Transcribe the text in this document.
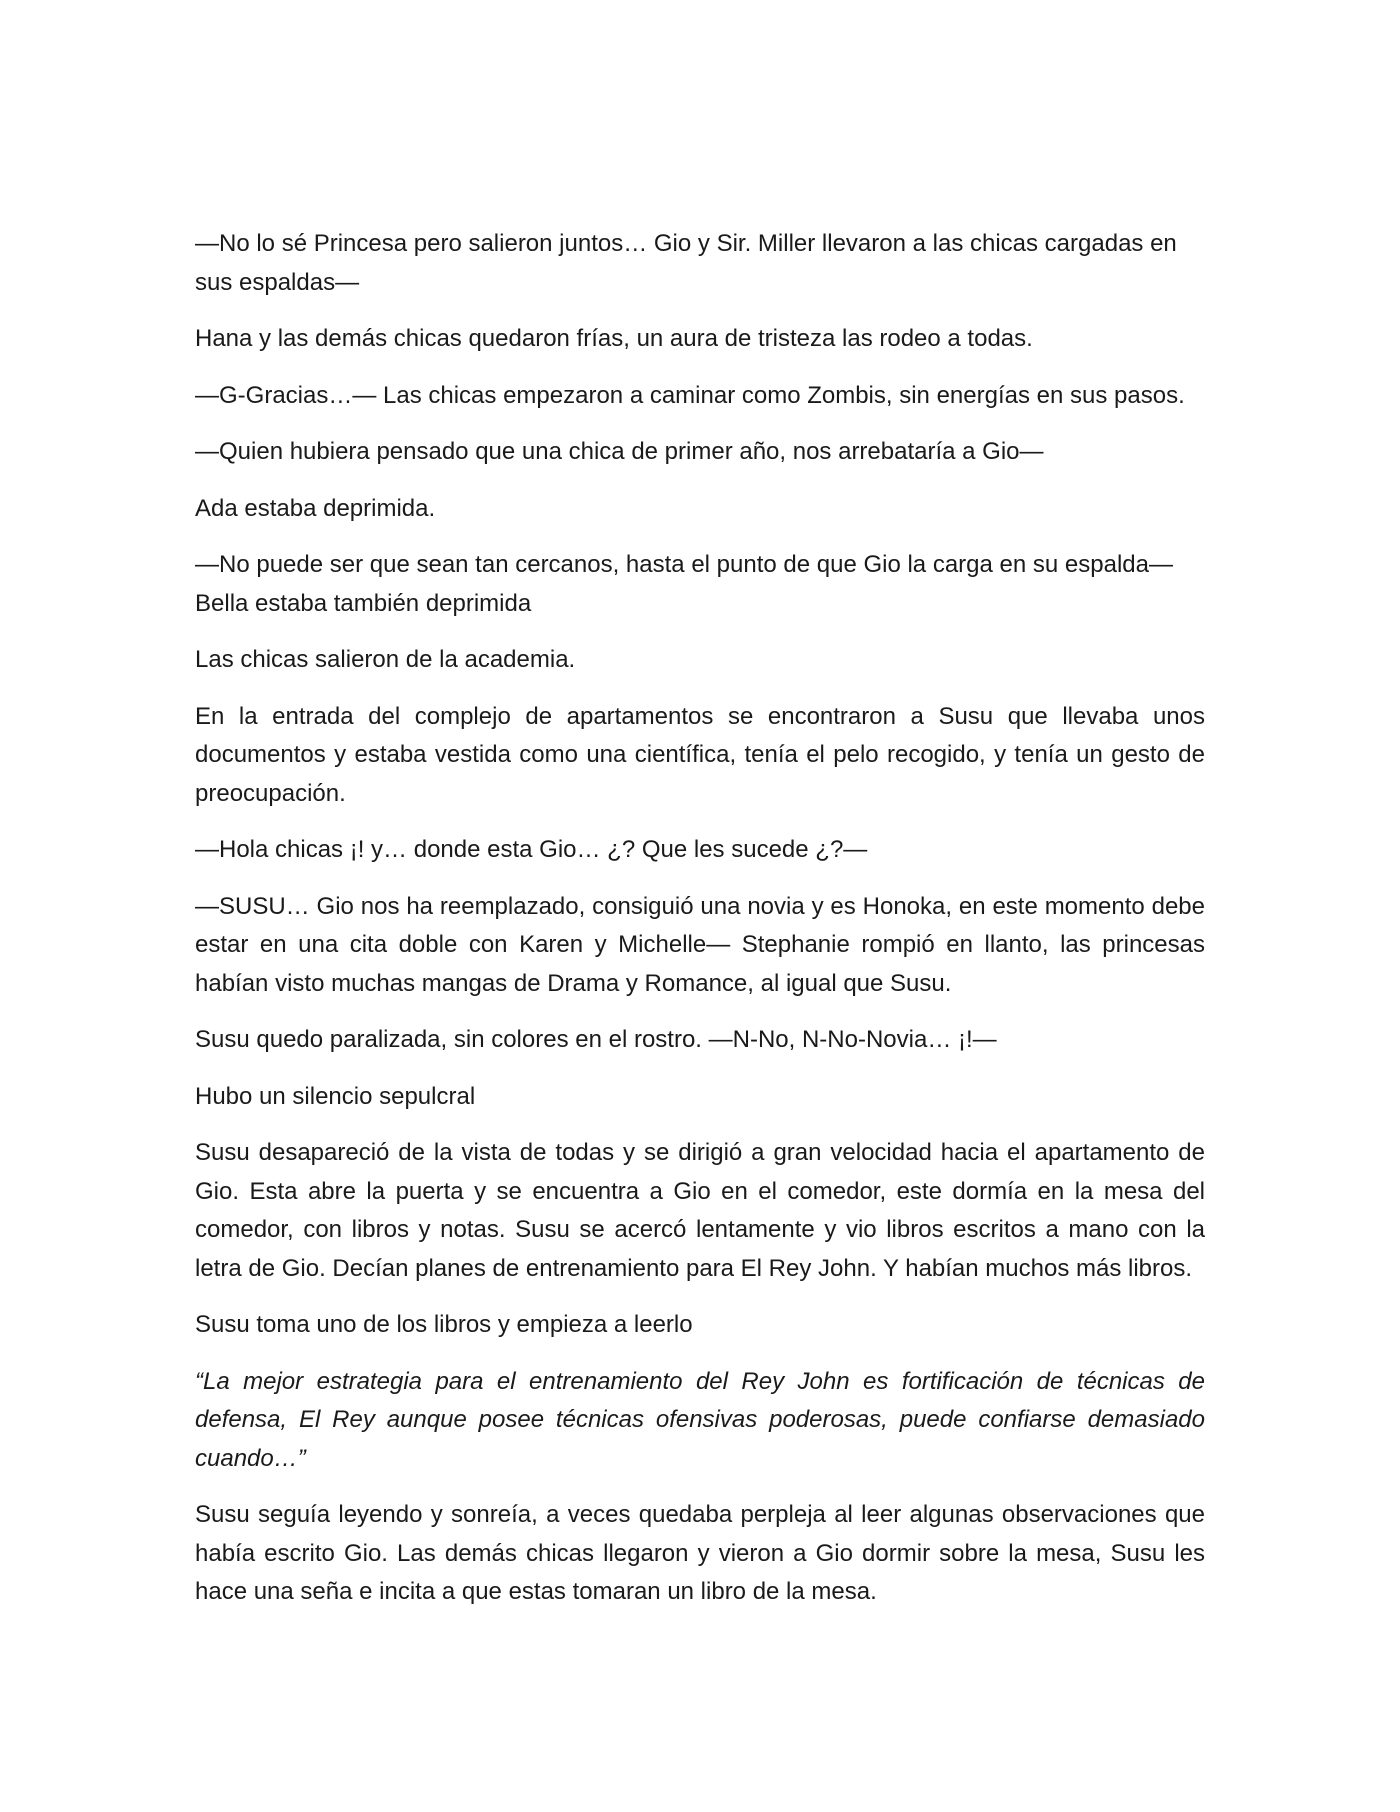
—No lo sé Princesa pero salieron juntos… Gio y Sir. Miller llevaron a las chicas cargadas en
sus espaldas—

Hana y las demás chicas quedaron frías, un aura de tristeza las rodeo a todas.

—G-Gracias…— Las chicas empezaron a caminar como Zombis, sin energías en sus pasos.

—Quien hubiera pensado que una chica de primer año, nos arrebataría a Gio—

Ada estaba deprimida.

—No puede ser que sean tan cercanos, hasta el punto de que Gio la carga en su espalda—
Bella estaba también deprimida

Las chicas salieron de la academia.

En la entrada del complejo de apartamentos se encontraron a Susu que llevaba unos documentos y estaba vestida como una científica, tenía el pelo recogido, y tenía un gesto de preocupación.

—Hola chicas ¡! y… donde esta Gio… ¿? Que les sucede ¿?—

—SUSU… Gio nos ha reemplazado, consiguió una novia y es Honoka, en este momento debe estar en una cita doble con Karen y Michelle— Stephanie rompió en llanto, las princesas habían visto muchas mangas de Drama y Romance, al igual que Susu.

Susu quedo paralizada, sin colores en el rostro. —N-No, N-No-Novia… ¡!—

Hubo un silencio sepulcral

Susu desapareció de la vista de todas y se dirigió a gran velocidad hacia el apartamento de Gio. Esta abre la puerta y se encuentra a Gio en el comedor, este dormía en la mesa del comedor, con libros y notas. Susu se acercó lentamente y vio libros escritos a mano con la letra de Gio. Decían planes de entrenamiento para El Rey John. Y habían muchos más libros.

Susu toma uno de los libros y empieza a leerlo

“La mejor estrategia para el entrenamiento del Rey John es fortificación de técnicas de defensa, El Rey aunque posee técnicas ofensivas poderosas, puede confiarse demasiado cuando…”

Susu seguía leyendo y sonreía, a veces quedaba perpleja al leer algunas observaciones que había escrito Gio. Las demás chicas llegaron y vieron a Gio dormir sobre la mesa, Susu les hace una seña e incita a que estas tomaran un libro de la mesa.
